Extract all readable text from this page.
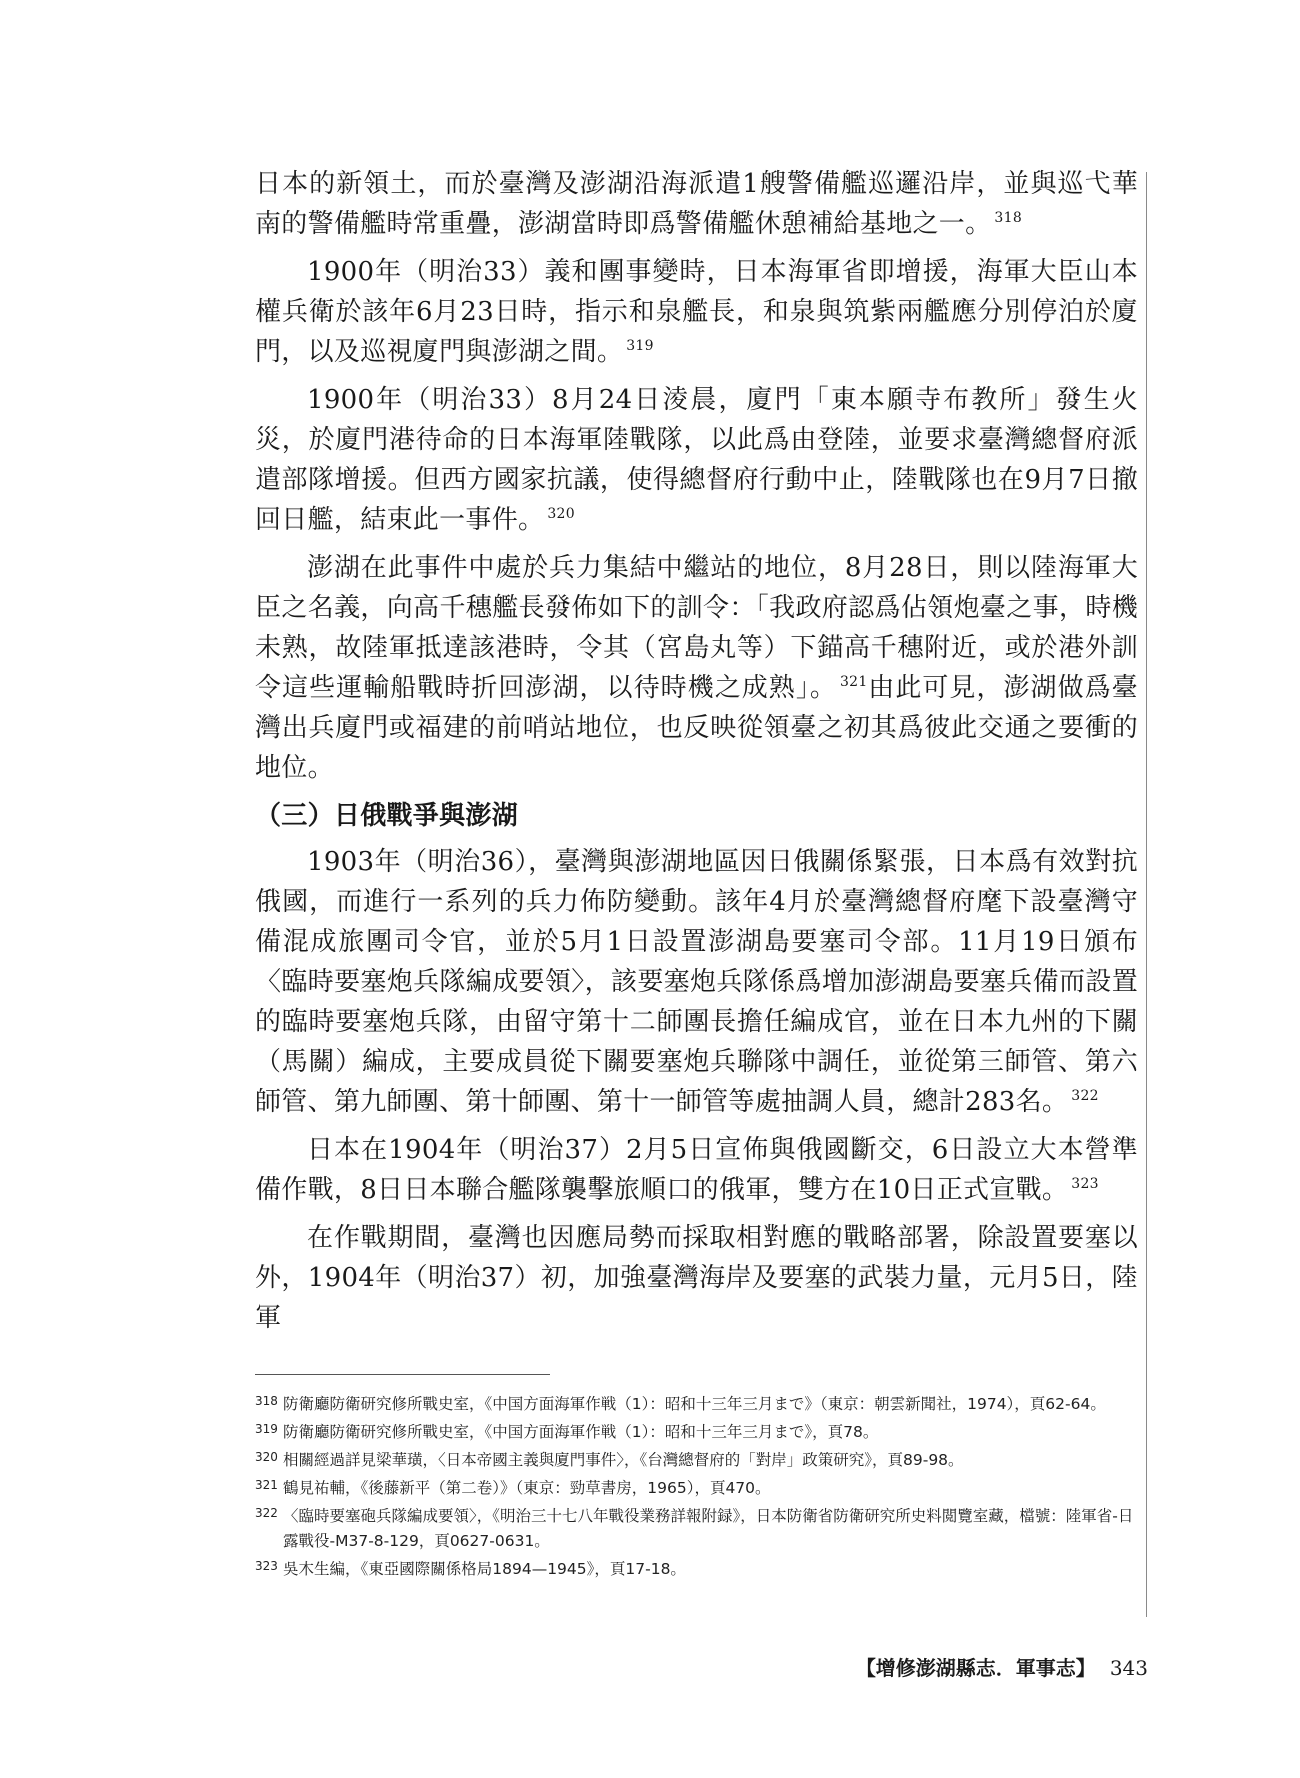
日本的新領土，而於臺灣及澎湖沿海派遣1艘警備艦巡邏沿岸，並與巡弋華南的警備艦時常重疊，澎湖當時即爲警備艦休憩補給基地之一。 $^{318}$

1900年（明治33）義和團事變時，日本海軍省即增援，海軍大臣山本權兵衛於該年6月23日時，指示和泉艦長，和泉與筑紫兩艦應分別停泊於廈門，以及巡視廈門與澎湖之間。 $^{319}$

1900年（明治33）8月24日淩晨，廈門「東本願寺布教所」發生火災，於廈門港待命的日本海軍陸戰隊，以此爲由登陸，並要求臺灣總督府派遣部隊增援。但西方國家抗議，使得總督府行動中止，陸戰隊也在9月7日撤回日艦，結束此一事件。 $^{320}$

澎湖在此事件中處於兵力集結中繼站的地位，8月28日，則以陸海軍大臣之名義，向高千穗艦長發佈如下的訓令：「我政府認爲佔領炮臺之事，時機未熟，故陸軍抵達該港時，令其（宮島丸等）下錨高千穗附近，或於港外訓令這些運輸船戰時折回澎湖，以待時機之成熟」。 $^{321}$由此可見，澎湖做爲臺灣出兵廈門或福建的前哨站地位，也反映從領臺之初其爲彼此交通之要衝的地位。

（三）日俄戰爭與澎湖

1903年（明治36），臺灣與澎湖地區因日俄關係緊張，日本爲有效對抗俄國，而進行一系列的兵力佈防變動。該年4月於臺灣總督府麾下設臺灣守備混成旅團司令官，並於5月1日設置澎湖島要塞司令部。11月19日頒布〈臨時要塞炮兵隊編成要領〉，該要塞炮兵隊係爲增加澎湖島要塞兵備而設置的臨時要塞炮兵隊，由留守第十二師團長擔任編成官，並在日本九州的下關（馬關）編成，主要成員從下關要塞炮兵聯隊中調任，並從第三師管、第六師管、第九師團、第十師團、第十一師管等處抽調人員，總計283名。 $^{322}$

日本在1904年（明治37）2月5日宣佈與俄國斷交，6日設立大本營準備作戰，8日日本聯合艦隊襲擊旅順口的俄軍，雙方在10日正式宣戰。 $^{323}$

在作戰期間，臺灣也因應局勢而採取相對應的戰略部署，除設置要塞以外，1904年（明治37）初，加強臺灣海岸及要塞的武裝力量，元月5日，陸軍

318 防衛廳防衛研究修所戰史室，《中国方面海軍作戦（1）：昭和十三年三月まで》（東京：朝雲新聞社，1974），頁62-64。
319 防衛廳防衛研究修所戰史室，《中国方面海軍作戦（1）：昭和十三年三月まで》，頁78。
320 相關經過詳見梁華璜，〈日本帝國主義與廈門事件〉，《台灣總督府的「對岸」政策研究》，頁89-98。
321 鶴見祐輔，《後藤新平（第二卷）》（東京：勁草書房，1965），頁470。
322 〈臨時要塞砲兵隊編成要領〉，《明治三十七八年戰役業務詳報附録》，日本防衛省防衛研究所史料閲覽室藏，檔號：陸軍省-日露戰役-M37-8-129，頁0627-0631。
323 吳木生編，《東亞國際關係格局1894—1945》，頁17-18。
【增修澎湖縣志．軍事志】 343
